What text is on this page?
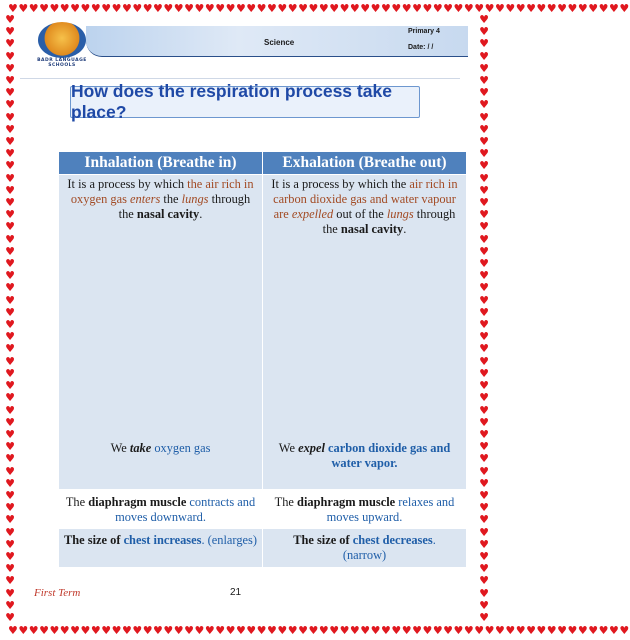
♥♥♥♥♥♥♥♥♥♥♥♥♥♥♥♥♥♥♥♥♥♥♥♥♥♥♥♥♥♥♥♥♥♥♥♥♥♥♥♥♥♥♥♥♥♥♥♥♥♥♥♥♥♥♥♥♥♥♥♥
♥♥♥♥♥♥♥♥♥♥♥♥♥♥♥♥♥♥♥♥♥♥♥♥♥♥♥♥♥♥♥♥♥♥♥♥♥♥♥♥♥♥♥♥♥♥♥♥♥♥♥♥♥♥♥♥♥♥♥♥
♥
♥
♥
♥
♥
♥
♥
♥
♥
♥
♥
♥
♥
♥
♥
♥
♥
♥
♥
♥
♥
♥
♥
♥
♥
♥
♥
♥
♥
♥
♥
♥
♥
♥
♥
♥
♥
♥
♥
♥
♥
♥
♥
♥
♥
♥
♥
♥
♥
♥
♥
♥
♥
♥
♥
♥
♥
♥
♥
♥
♥
♥
♥
♥
♥
♥
♥
♥
♥
♥
♥
♥
♥
♥
♥
♥
♥
♥
♥
♥
♥
♥
♥
♥
♥
♥
♥
♥
♥
♥
♥
♥
♥
♥
♥
♥
♥
♥
♥
♥
Science
Primary 4
Date: / /
BADR LANGUAGE SCHOOLS
How does the respiration process take place?
Inhalation (Breathe in)	Exhalation (Breathe out)
It is a process by which the air rich in oxygen gas enters the lungs through the nasal cavity.	It is a process by which the air rich in carbon dioxide gas and water vapour are expelled out of the lungs through the nasal cavity.

We take oxygen gas	We expel carbon dioxide gas and water vapor.
The diaphragm muscle contracts and moves downward.	The diaphragm muscle relaxes and moves upward.
The size of chest increases. (enlarges)	The size of chest decreases.
(narrow)
First Term	21
